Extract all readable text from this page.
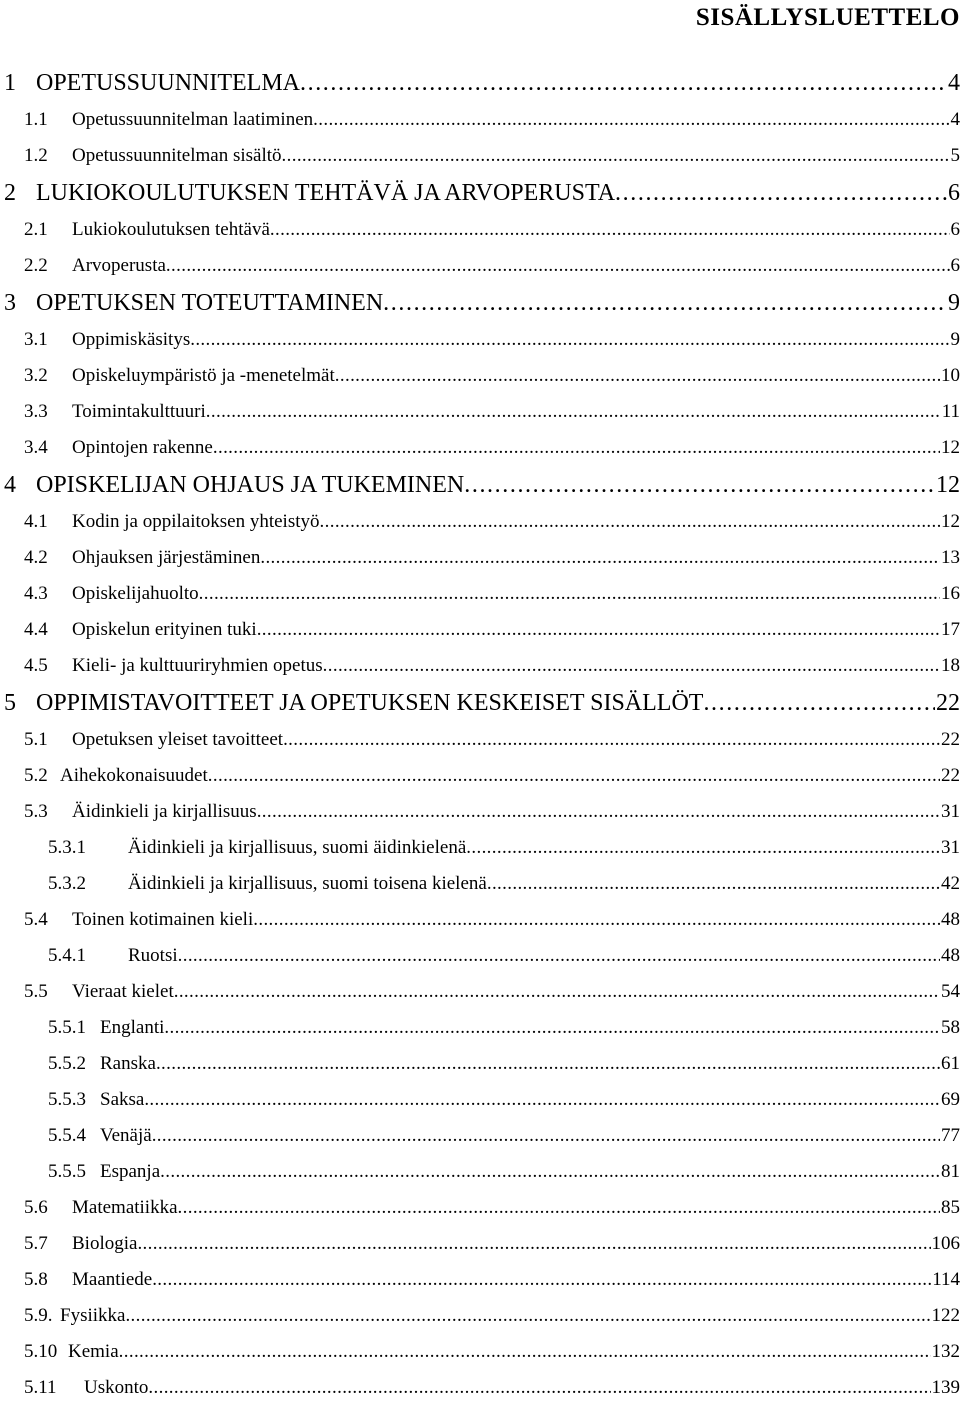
SISÄLLYSLUETTELO
1 OPETUSSUUNNITELMA . . .	4
1.1	Opetussuunnitelman laatiminen . . .	4
1.2	Opetussuunnitelman sisältö . . .	5
2 LUKIOKOULUTUKSEN TEHTÄVÄ JA ARVOPERUSTA . . .	6
2.1	Lukiokoulutuksen tehtävä . . .	6
2.2	Arvoperusta . . .	6
3 OPETUKSEN TOTEUTTAMINEN . . .	9
3.1	Oppimiskäsitys . . .	9
3.2	Opiskeluympäristö ja -menetelmät . . .	10
3.3	Toimintakulttuuri . . .	11
3.4	Opintojen rakenne . . .	12
4 OPISKELIJAN OHJAUS JA TUKEMINEN . . .	12
4.1	Kodin ja oppilaitoksen yhteistyö . . .	12
4.2	Ohjauksen järjestäminen . . .	13
4.3	Opiskelijahuolto . . .	16
4.4	Opiskelun erityinen tuki . . .	17
4.5	Kieli- ja kulttuuriryhmien opetus . . .	18
5 OPPIMISTAVOITTEET JA OPETUKSEN KESKEISET SISÄLLÖT . . .	22
5.1	Opetuksen yleiset tavoitteet . . .	22
5.2 Aihekokonaisuudet . . .	22
5.3	Äidinkieli ja kirjallisuus . . .	31
5.3.1	Äidinkieli ja kirjallisuus, suomi äidinkielenä . . .	31
5.3.2	Äidinkieli ja kirjallisuus, suomi toisena kielenä . . .	42
5.4	Toinen kotimainen kieli . . .	48
5.4.1	Ruotsi . . .	48
5.5	Vieraat kielet . . .	54
5.5.1 Englanti . . .	58
5.5.2 Ranska . . .	61
5.5.3 Saksa . . .	69
5.5.4 Venäjä . . .	77
5.5.5 Espanja . . .	81
5.6	Matematiikka . . .	85
5.7	Biologia . . .	106
5.8	Maantiede . . .	114
5.9. Fysiikka . . .	122
5.10 Kemia . . .	132
5.11	Uskonto . . .	139
